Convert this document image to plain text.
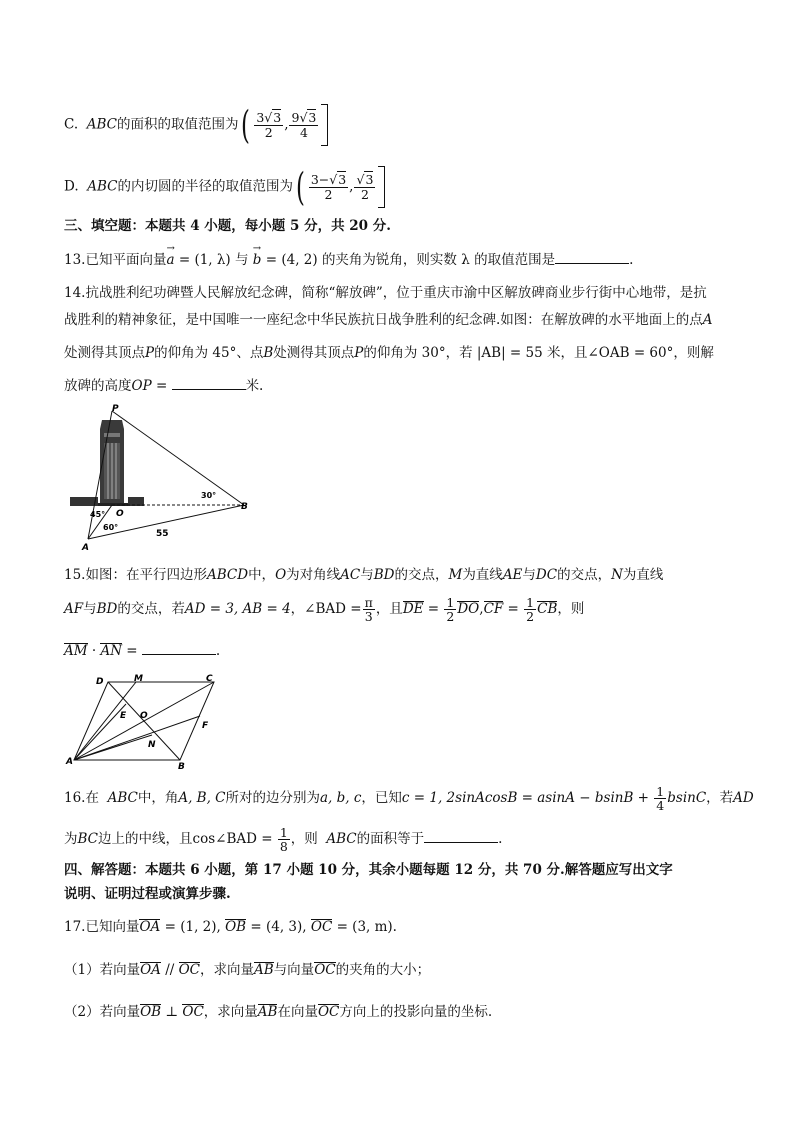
C. ABC的面积的取值范围为( $\frac{3√3}{2}$ , $\frac{9√3}{4}$
D. ABC的内切圆的半径的取值范围为( $\frac{3-√3}{2}$ , $\frac{√3}{2}$
三、填空题：本题共 4 小题，每小题 5 分，共 20 分.
13.已知平面向量→ a = (1, λ) 与 → b = (4, 2) 的夹角为锐角，则实数 λ 的取值范围是	.
14.抗战胜利纪功碑暨人民解放纪念碑，简称“解放碑”，位于重庆市渝中区解放碑商业步行街中心地带，是抗
战胜利的精神象征，是中国唯一一座纪念中华民族抗日战争胜利的纪念碑.如图：在解放碑的水平地面上的点A
处测得其顶点P的仰角为 45°、点B处测得其顶点P的仰角为 30°，若 |AB| = 55 米，且∠OAB = 60°，则解
放碑的高度OP =	米.
P
O
A
B
45°
60°
30°
55
15.如图：在平行四边形ABCD中，O为对角线AC与BD的交点，M为直线AE与DC的交点，N为直线
AF与BD的交点，若AD = 3, AB = 4，∠BAD = $\frac{\pi}{3}$ ，且DE = $\frac{1}{2} DO,CF = \frac{1}{2}$ CB，则
AM · AN =	.
D	M	C
E O
F
N
A	B
16.在 ABC中，角A, B, C所对的边分别为a, b, c，已知c = 1, 2sinAcosB = $asinA - bsinB + \frac{1}{4}$ bsinC，若AD
为BC边上的中线，且cos∠BAD = $\frac{1}{8}$ ，则 ABC的面积等于	.
四、解答题：本题共 6 小题，第 17 小题 10 分，其余小题每题 12 分，共 70 分.解答题应写出文字
说明、证明过程或演算步骤.
17.已知向量OA = (1, 2), OB = (4, 3), OC = (3, m).
（1）若向量OA // OC，求向量AB与向量OC的夹角的大小；
（2）若向量OB ⊥ OC，求向量AB在向量OC方向上的投影向量的坐标.
